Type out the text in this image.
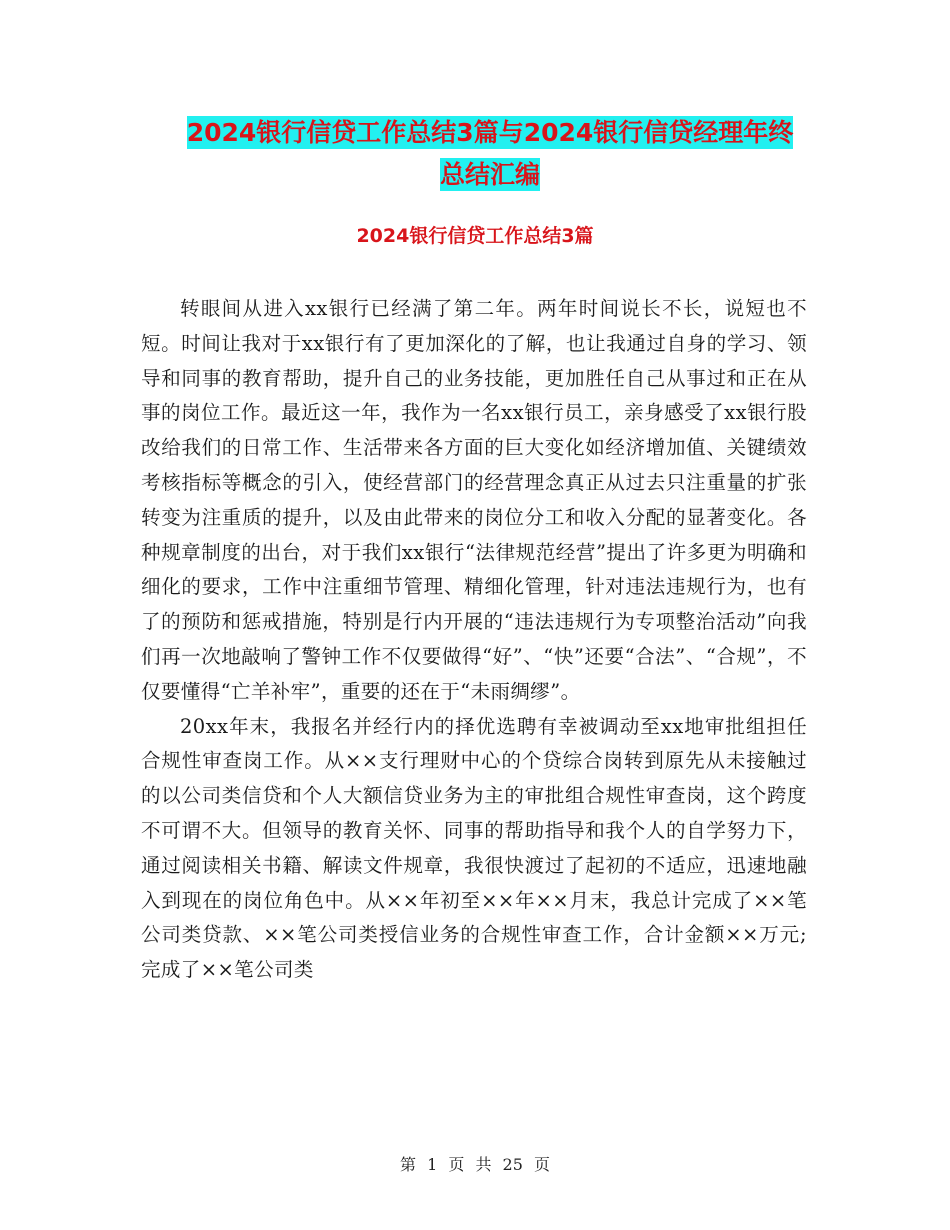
2024银行信贷工作总结3篇与2024银行信贷经理年终
总结汇编
2024银行信贷工作总结3篇

转眼间从进入xx银行已经满了第二年。两年时间说长不长，说短也不短。时间让我对于xx银行有了更加深化的了解，也让我通过自身的学习、领导和同事的教育帮助，提升自己的业务技能，更加胜任自己从事过和正在从事的岗位工作。最近这一年，我作为一名xx银行员工，亲身感受了xx银行股改给我们的日常工作、生活带来各方面的巨大变化如经济增加值、关键绩效考核指标等概念的引入，使经营部门的经营理念真正从过去只注重量的扩张转变为注重质的提升，以及由此带来的岗位分工和收入分配的显著变化。各种规章制度的出台，对于我们xx银行“法律规范经营”提出了许多更为明确和细化的要求，工作中注重细节管理、精细化管理，针对违法违规行为，也有了的预防和惩戒措施，特别是行内开展的“违法违规行为专项整治活动”向我们再一次地敲响了警钟工作不仅要做得“好”、“快”还要“合法”、“合规”，不仅要懂得“亡羊补牢”，重要的还在于“未雨绸缪”。

20xx年末，我报名并经行内的择优选聘有幸被调动至xx地审批组担任合规性审查岗工作。从××支行理财中心的个贷综合岗转到原先从未接触过的以公司类信贷和个人大额信贷业务为主的审批组合规性审查岗，这个跨度不可谓不大。但领导的教育关怀、同事的帮助指导和我个人的自学努力下，通过阅读相关书籍、解读文件规章，我很快渡过了起初的不适应，迅速地融入到现在的岗位角色中。从××年初至××年××月末，我总计完成了××笔公司类贷款、××笔公司类授信业务的合规性审查工作，合计金额××万元;完成了××笔公司类

第 1 页 共 25 页
